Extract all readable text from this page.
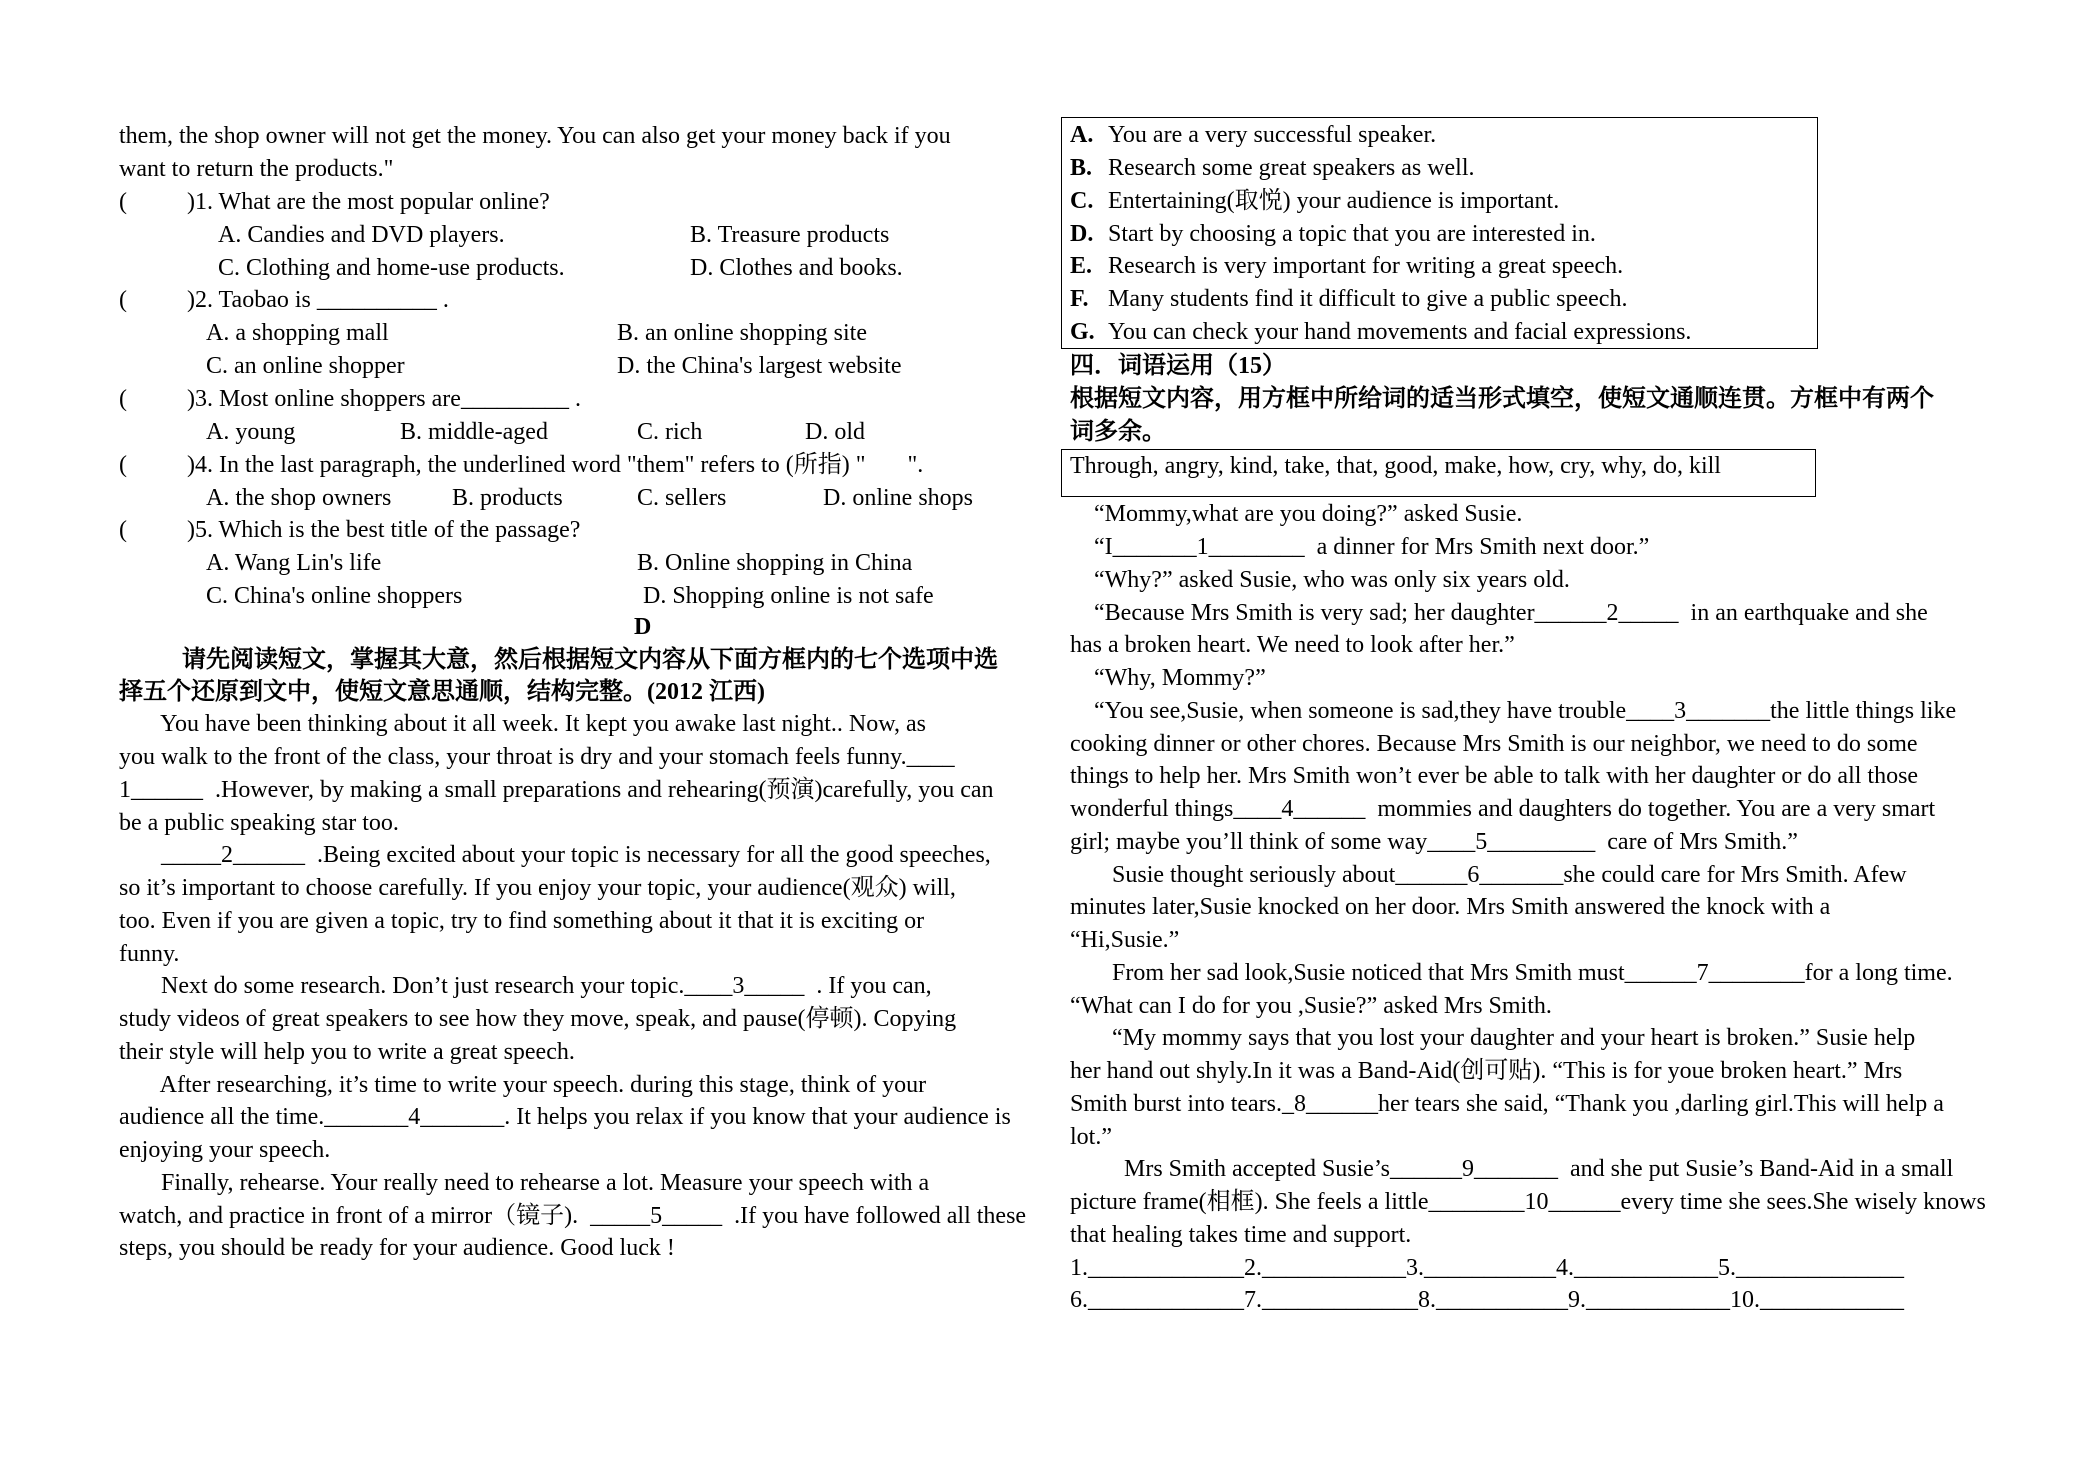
them, the shop owner will not get the money. You can also get your money back if you
want to return the products."
(          )1. What are the most popular online?
A. Candies and DVD players.	B. Treasure products
C. Clothing and home-use products.	D. Clothes and books.
(          )2. Taobao is __________ .
A. a shopping mall	B. an online shopping site
C. an online shopper	D. the China's largest website
(          )3. Most online shoppers are_________ .
A. young	B. middle-aged	C. rich	D. old
(          )4. In the last paragraph, the underlined word "them" refers to (所指) "       ".
A. the shop owners	B. products	C. sellers	D. online shops
(          )5. Which is the best title of the passage?
A. Wang Lin's life	B. Online shopping in China
C. China's online shoppers	D. Shopping online is not safe
D
请先阅读短文，掌握其大意，然后根据短文内容从下面方框内的七个选项中选
择五个还原到文中，使短文意思通顺，结构完整。(2012 江西)
You have been thinking about it all week. It kept you awake last night.. Now, as
you walk to the front of the class, your throat is dry and your stomach feels funny.____
1______  .However, by making a small preparations and rehearing(预演)carefully, you can
be a public speaking star too.
_____2______  .Being excited about your topic is necessary for all the good speeches,
so it’s important to choose carefully. If you enjoy your topic, your audience(观众) will,
too. Even if you are given a topic, try to find something about it that it is exciting or
funny.
Next do some research. Don’t just research your topic.____3_____  . If you can,
study videos of great speakers to see how they move, speak, and pause(停顿). Copying
their style will help you to write a great speech.
After researching, it’s time to write your speech. during this stage, think of your
audience all the time._______4_______. It helps you relax if you know that your audience is
enjoying your speech.
Finally, rehearse. Your really need to rehearse a lot. Measure your speech with a
watch, and practice in front of a mirror（镜子).  _____5_____  .If you have followed all these
steps, you should be ready for your audience. Good luck !
A. You are a very successful speaker.
B. Research some great speakers as well.
C. Entertaining(取悦) your audience is important.
D. Start by choosing a topic that you are interested in.
E. Research is very important for writing a great speech.
F. Many students find it difficult to give a public speech.
G. You can check your hand movements and facial expressions.
四．词语运用（15）
根据短文内容，用方框中所给词的适当形式填空，使短文通顺连贯。方框中有两个
词多余。
Through, angry, kind, take, that, good, make, how, cry, why, do, kill
“Mommy,what are you doing?” asked Susie.
“I_______1________  a dinner for Mrs Smith next door.”
“Why?” asked Susie, who was only six years old.
“Because Mrs Smith is very sad; her daughter______2_____  in an earthquake and she
has a broken heart. We need to look after her.”
“Why, Mommy?”
“You see,Susie, when someone is sad,they have trouble____3_______the little things like
cooking dinner or other chores. Because Mrs Smith is our neighbor, we need to do some
things to help her. Mrs Smith won’t ever be able to talk with her daughter or do all those
wonderful things____4______  mommies and daughters do together. You are a very smart
girl; maybe you’ll think of some way____5_________  care of Mrs Smith.”
Susie thought seriously about______6_______she could care for Mrs Smith. Afew
minutes later,Susie knocked on her door. Mrs Smith answered the knock with a
“Hi,Susie.”
From her sad look,Susie noticed that Mrs Smith must______7________for a long time.
“What can I do for you ,Susie?” asked Mrs Smith.
“My mommy says that you lost your daughter and your heart is broken.” Susie help
her hand out shyly.In it was a Band-Aid(创可贴). “This is for youe broken heart.” Mrs
Smith burst into tears._8______her tears she said, “Thank you ,darling girl.This will help a
lot.”
Mrs Smith accepted Susie’s______9_______  and she put Susie’s Band-Aid in a small
picture frame(相框). She feels a little________10______every time she sees.She wisely knows
that healing takes time and support.
1._____________2.____________3.___________4.____________5.______________
6._____________7._____________8.___________9.____________10.____________
